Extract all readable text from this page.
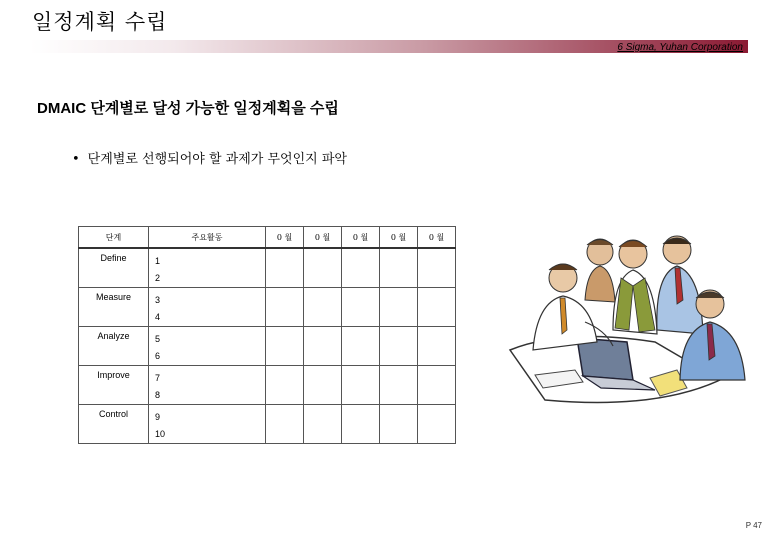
일정계획 수립
6 Sigma, Yuhan Corporation
DMAIC 단계별로 달성 가능한 일정계획을 수립
• 단계별로 선행되어야 할 과제가 무엇인지 파악
단계	주요활동	0 월	0 월	0 월	0 월	0 월
Define	1
2					

Measure	3
4					

Analyze	5
6					

Improve	7
8					

Control	9
10					

P 47
